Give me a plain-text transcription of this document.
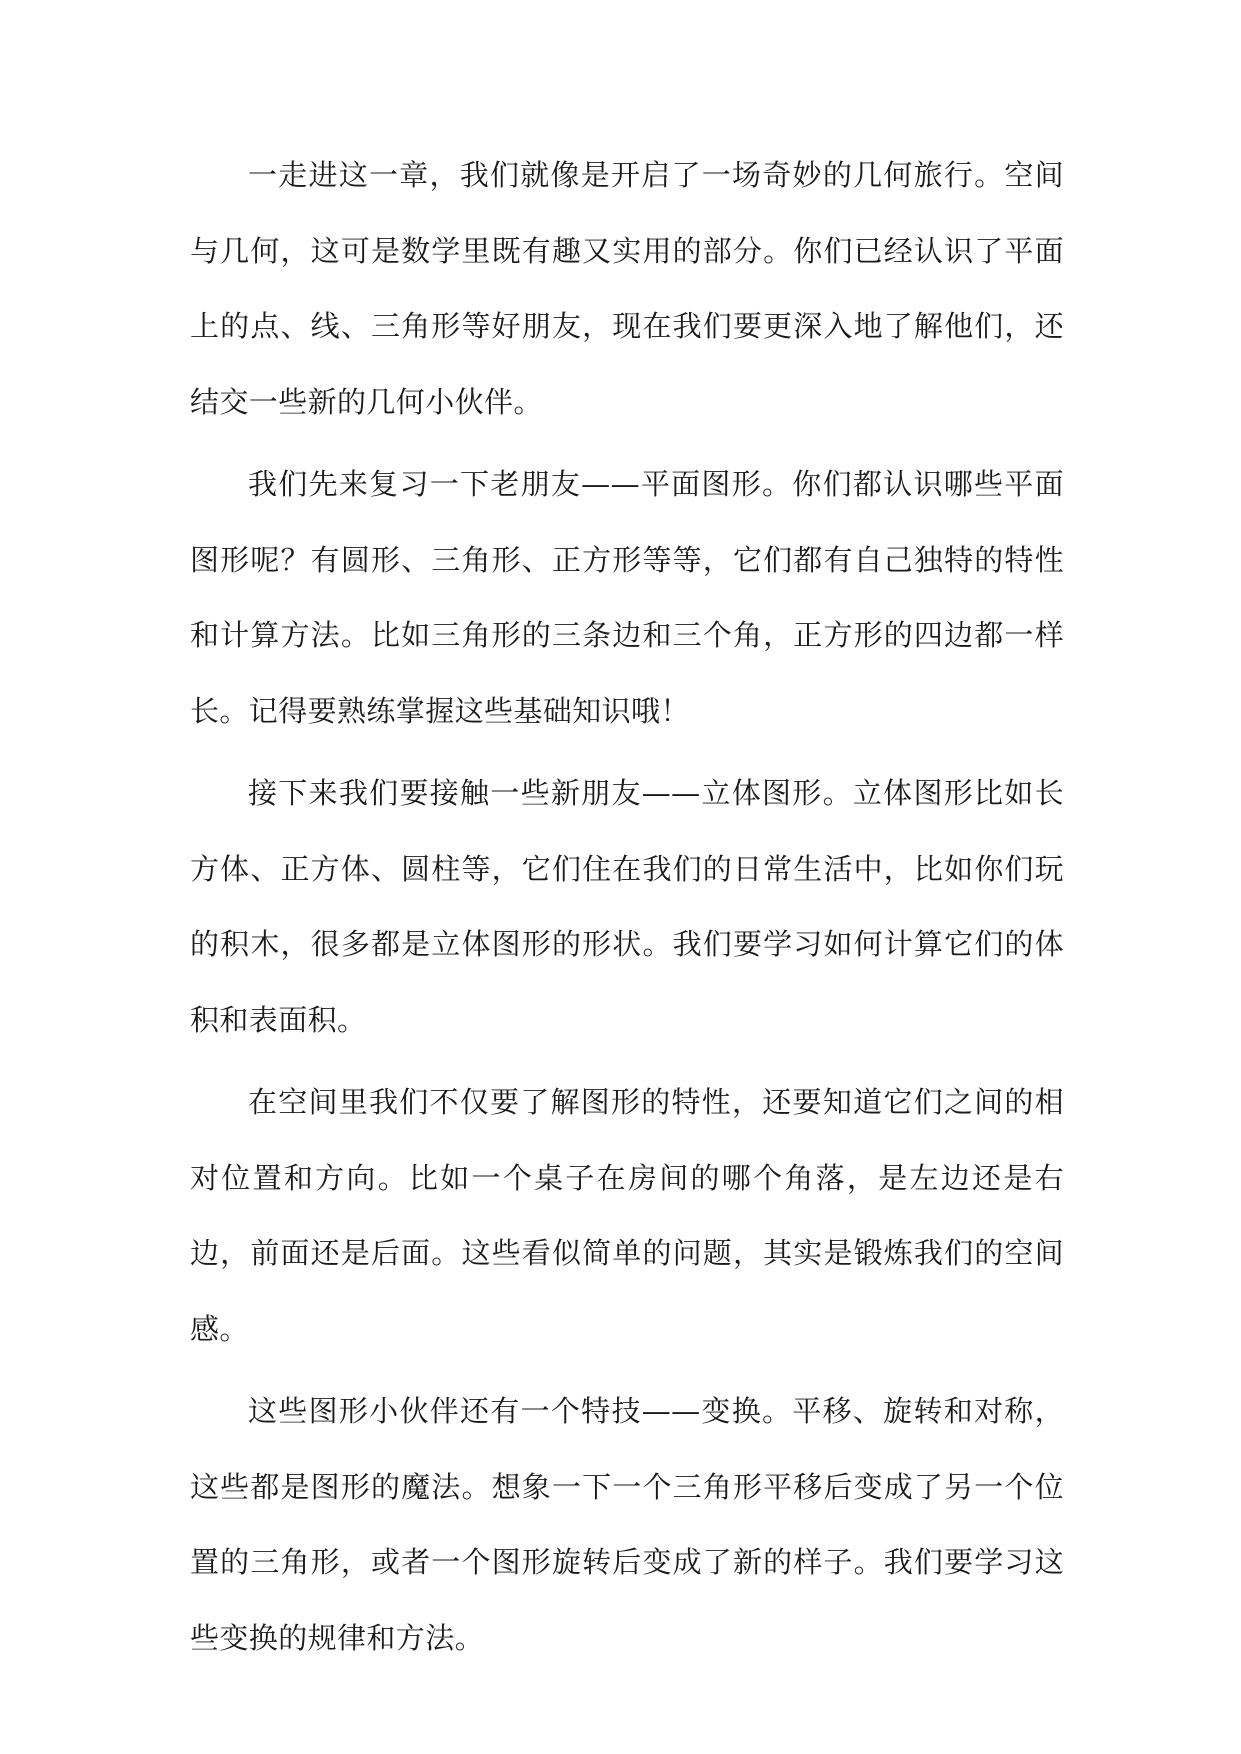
一走进这一章，我们就像是开启了一场奇妙的几何旅行。空间与几何，这可是数学里既有趣又实用的部分。你们已经认识了平面上的点、线、三角形等好朋友，现在我们要更深入地了解他们，还结交一些新的几何小伙伴。

我们先来复习一下老朋友——平面图形。你们都认识哪些平面图形呢？有圆形、三角形、正方形等等，它们都有自己独特的特性和计算方法。比如三角形的三条边和三个角，正方形的四边都一样长。记得要熟练掌握这些基础知识哦！

接下来我们要接触一些新朋友——立体图形。立体图形比如长方体、正方体、圆柱等，它们住在我们的日常生活中，比如你们玩的积木，很多都是立体图形的形状。我们要学习如何计算它们的体积和表面积。

在空间里我们不仅要了解图形的特性，还要知道它们之间的相对位置和方向。比如一个桌子在房间的哪个角落，是左边还是右边，前面还是后面。这些看似简单的问题，其实是锻炼我们的空间感。

这些图形小伙伴还有一个特技——变换。平移、旋转和对称，这些都是图形的魔法。想象一下一个三角形平移后变成了另一个位置的三角形，或者一个图形旋转后变成了新的样子。我们要学习这些变换的规律和方法。
